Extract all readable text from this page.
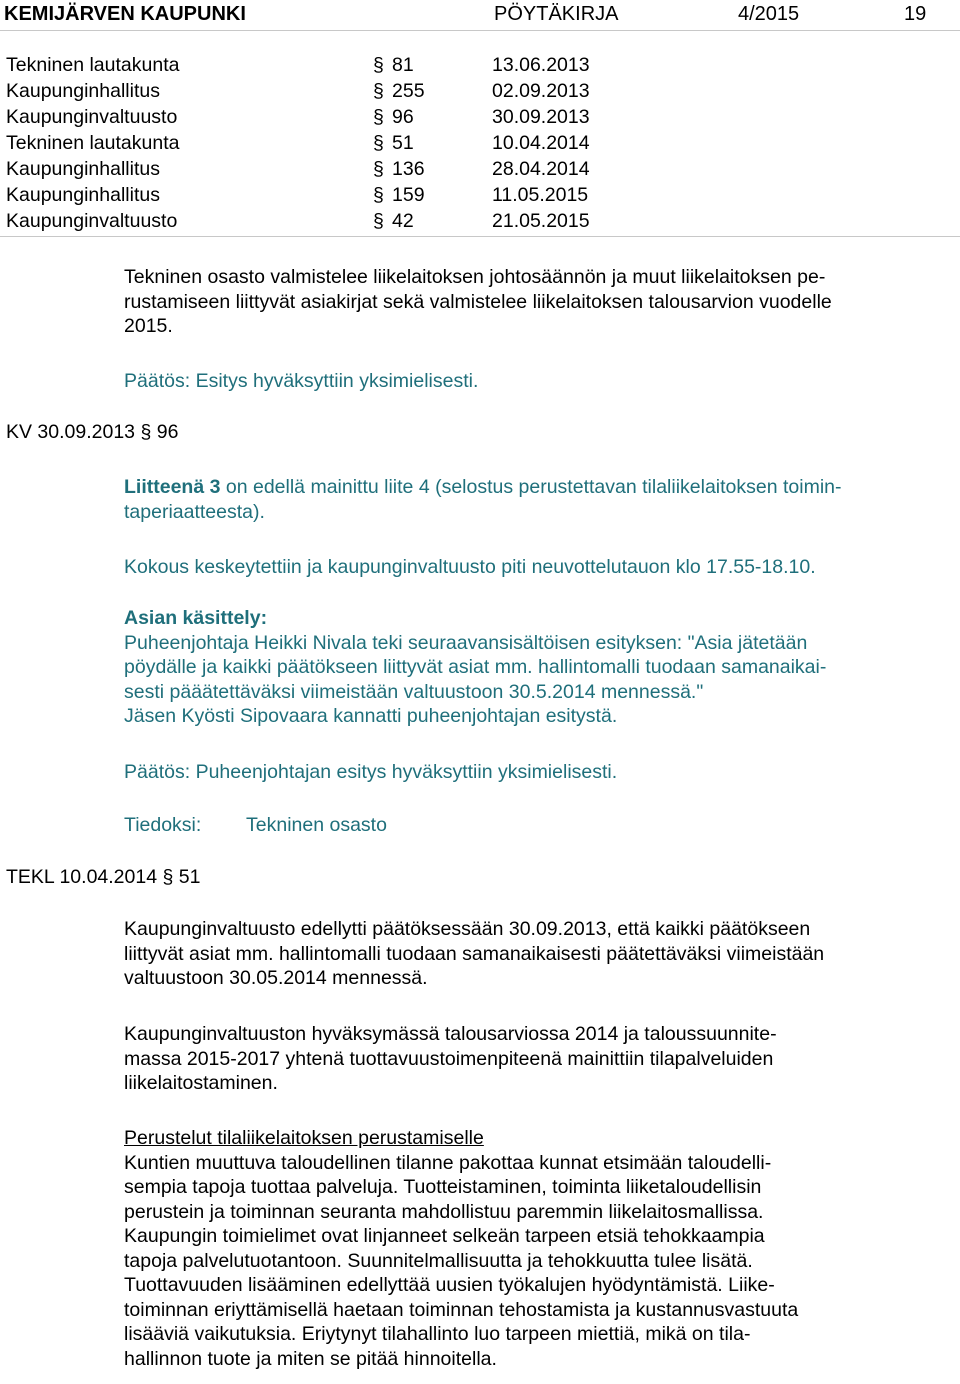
KEMIJÄRVEN KAUPUNKI	PÖYTÄKIRJA	4/2015	19
Tekninen lautakunta	§ 81	13.06.2013
Kaupunginhallitus	§ 255	02.09.2013
Kaupunginvaltuusto	§ 96	30.09.2013
Tekninen lautakunta	§ 51	10.04.2014
Kaupunginhallitus	§ 136	28.04.2014
Kaupunginhallitus	§ 159	11.05.2015
Kaupunginvaltuusto	§ 42	21.05.2015
Tekninen osasto valmistelee liikelaitoksen johtosäännön ja muut liikelaitoksen pe-
rustamiseen liittyvät asiakirjat sekä valmistelee liikelaitoksen talousarvion vuodelle
2015.
Päätös: Esitys hyväksyttiin yksimielisesti.
KV 30.09.2013 § 96
Liitteenä 3 on edellä mainittu liite 4 (selostus perustettavan tilaliikelaitoksen toimin-
taperiaatteesta).
Kokous keskeytettiin ja kaupunginvaltuusto piti neuvottelutauon klo 17.55-18.10.
Asian käsittely:
Puheenjohtaja Heikki Nivala teki seuraavansisältöisen esityksen: "Asia jätetään
pöydälle ja kaikki päätökseen liittyvät asiat mm. hallintomalli tuodaan samanaikai-
sesti pääätettäväksi viimeistään valtuustoon 30.5.2014 mennessä."
Jäsen Kyösti Sipovaara kannatti puheenjohtajan esitystä.
Päätös: Puheenjohtajan esitys hyväksyttiin yksimielisesti.
Tiedoksi: Tekninen osasto
TEKL 10.04.2014 § 51
Kaupunginvaltuusto edellytti päätöksessään 30.09.2013, että kaikki päätökseen
liittyvät asiat mm. hallintomalli tuodaan samanaikaisesti päätettäväksi viimeistään
valtuustoon 30.05.2014 mennessä.
Kaupunginvaltuuston hyväksymässä talousarviossa 2014 ja taloussuunnite-
massa 2015-2017 yhtenä tuottavuustoimenpiteenä mainittiin tilapalveluiden
liikelaitostaminen.
Perustelut tilaliikelaitoksen perustamiselle
Kuntien muuttuva taloudellinen tilanne pakottaa kunnat etsimään taloudelli-
sempia tapoja tuottaa palveluja. Tuotteistaminen, toiminta liiketaloudellisin
perustein ja toiminnan seuranta mahdollistuu paremmin liikelaitosmallissa.
Kaupungin toimielimet ovat linjanneet selkeän tarpeen etsiä tehokkaampia
tapoja palvelutuotantoon. Suunnitelmallisuutta ja tehokkuutta tulee lisätä.
Tuottavuuden lisääminen edellyttää uusien työkalujen hyödyntämistä. Liike-
toiminnan eriyttämisellä haetaan toiminnan tehostamista ja kustannusvastuuta
lisääviä vaikutuksia. Eriytynyt tilahallinto luo tarpeen miettiä, mikä on tila-
hallinnon tuote ja miten se pitää hinnoitella.
